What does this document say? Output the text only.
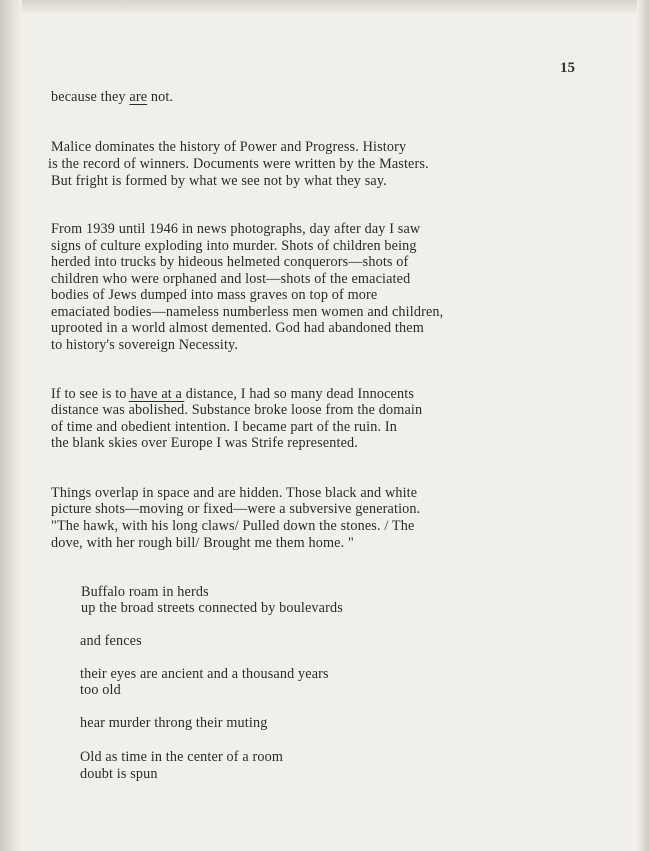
15
because they are not.
Malice dominates the history of Power and Progress. History
is the record of winners. Documents were written by the Masters.
But fright is formed by what we see not by what they say.
From 1939 until 1946 in news photographs, day after day I saw
signs of culture exploding into murder. Shots of children being
herded into trucks by hideous helmeted conquerors—shots of
children who were orphaned and lost—shots of the emaciated
bodies of Jews dumped into mass graves on top of more
emaciated bodies—nameless numberless men women and children,
uprooted in a world almost demented. God had abandoned them
to history's sovereign Necessity.
If to see is to have at a distance, I had so many dead Innocents
distance was abolished. Substance broke loose from the domain
of time and obedient intention. I became part of the ruin. In
the blank skies over Europe I was Strife represented.
Things overlap in space and are hidden. Those black and white
picture shots—moving or fixed—were a subversive generation.
"The hawk, with his long claws/ Pulled down the stones. / The
dove, with her rough bill/ Brought me them home. "
Buffalo roam in herds
up the broad streets connected by boulevards
and fences
their eyes are ancient and a thousand years
too old
hear murder throng their muting
Old as time in the center of a room
doubt is spun
